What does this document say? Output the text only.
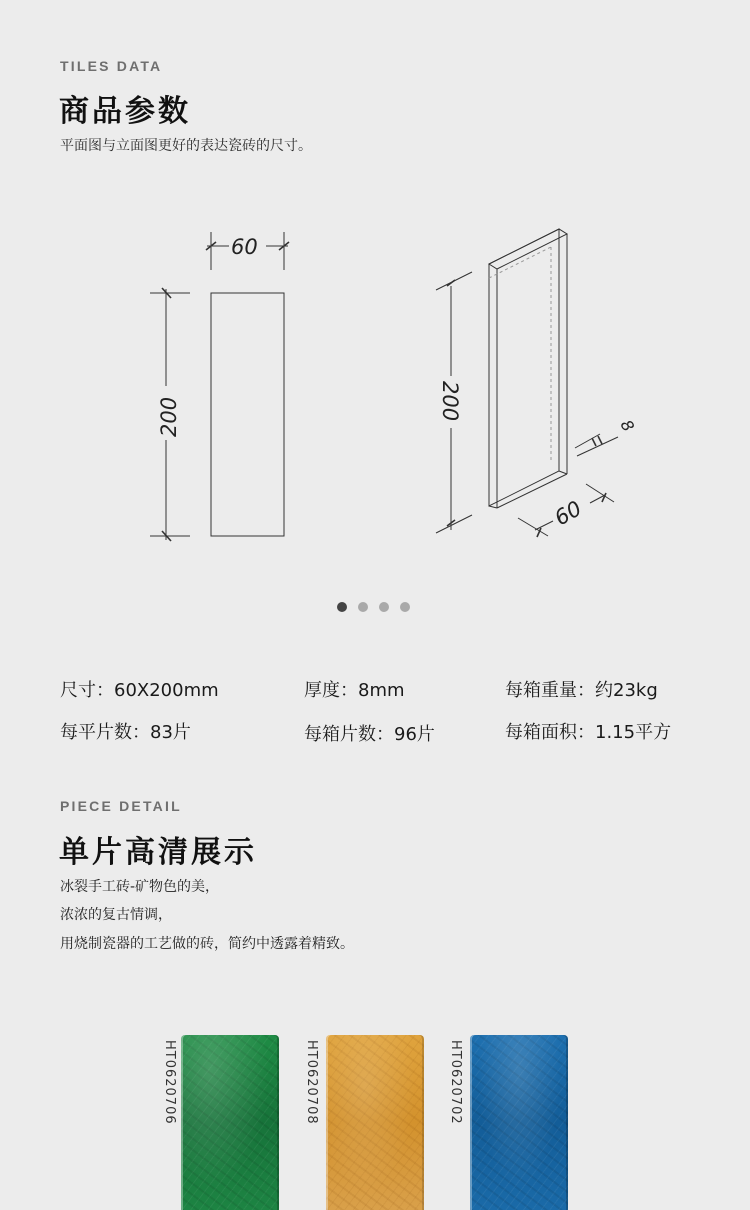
TILES DATA
商品参数
平面图与立面图更好的表达瓷砖的尺寸。
60
200	200
60
8
尺寸：60X200mm	厚度：8mm	每箱重量：约23kg
每平片数：83片	每箱片数：96片	每箱面积：1.15平方
PIECE DETAIL
单片高清展示
冰裂手工砖-矿物色的美，
浓浓的复古情调，
用烧制瓷器的工艺做的砖，简约中透露着精致。
HT0620706	HT0620708	HT0620702
